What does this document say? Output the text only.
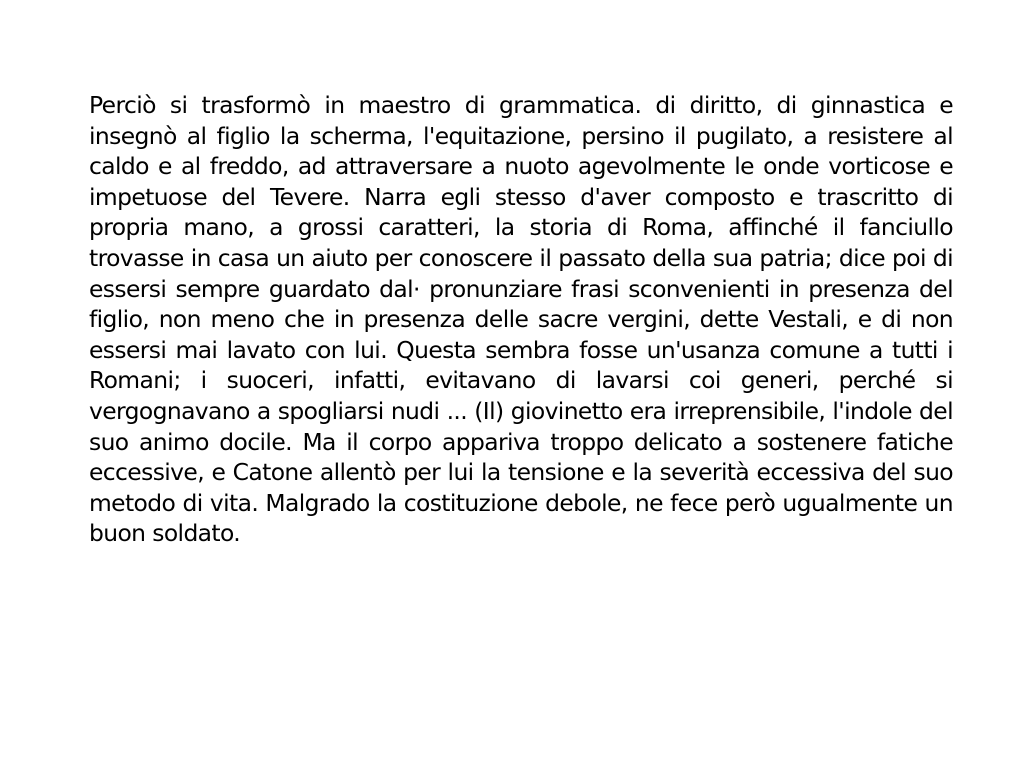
Perciò si trasformò in maestro di grammatica. di diritto, di ginnastica e insegnò al figlio la scherma, l'equitazione, persino il pugilato, a resistere al caldo e al freddo, ad attraversare a nuoto agevolmente le onde vorticose e impetuose del Tevere. Narra egli stesso d'aver composto e trascritto di propria mano, a grossi caratteri, la storia di Roma, affinché il fanciullo trovasse in casa un aiuto per conoscere il passato della sua patria; dice poi di essersi sempre guardato dal· pronunziare frasi sconvenienti in presenza del figlio, non meno che in presenza delle sacre vergini, dette Vestali, e di non essersi mai lavato con lui. Questa sembra fosse un'usanza comune a tutti i Romani; i suoceri, infatti, evitavano di lavarsi coi generi, perché si vergognavano a spogliarsi nudi ... (Il) giovinetto era irreprensibile, l'indole del suo animo docile. Ma il corpo appariva troppo delicato a sostenere fatiche eccessive, e Catone allentò per lui la tensione e la severità eccessiva del suo metodo di vita. Malgrado la costituzione debole, ne fece però ugualmente un buon soldato.
